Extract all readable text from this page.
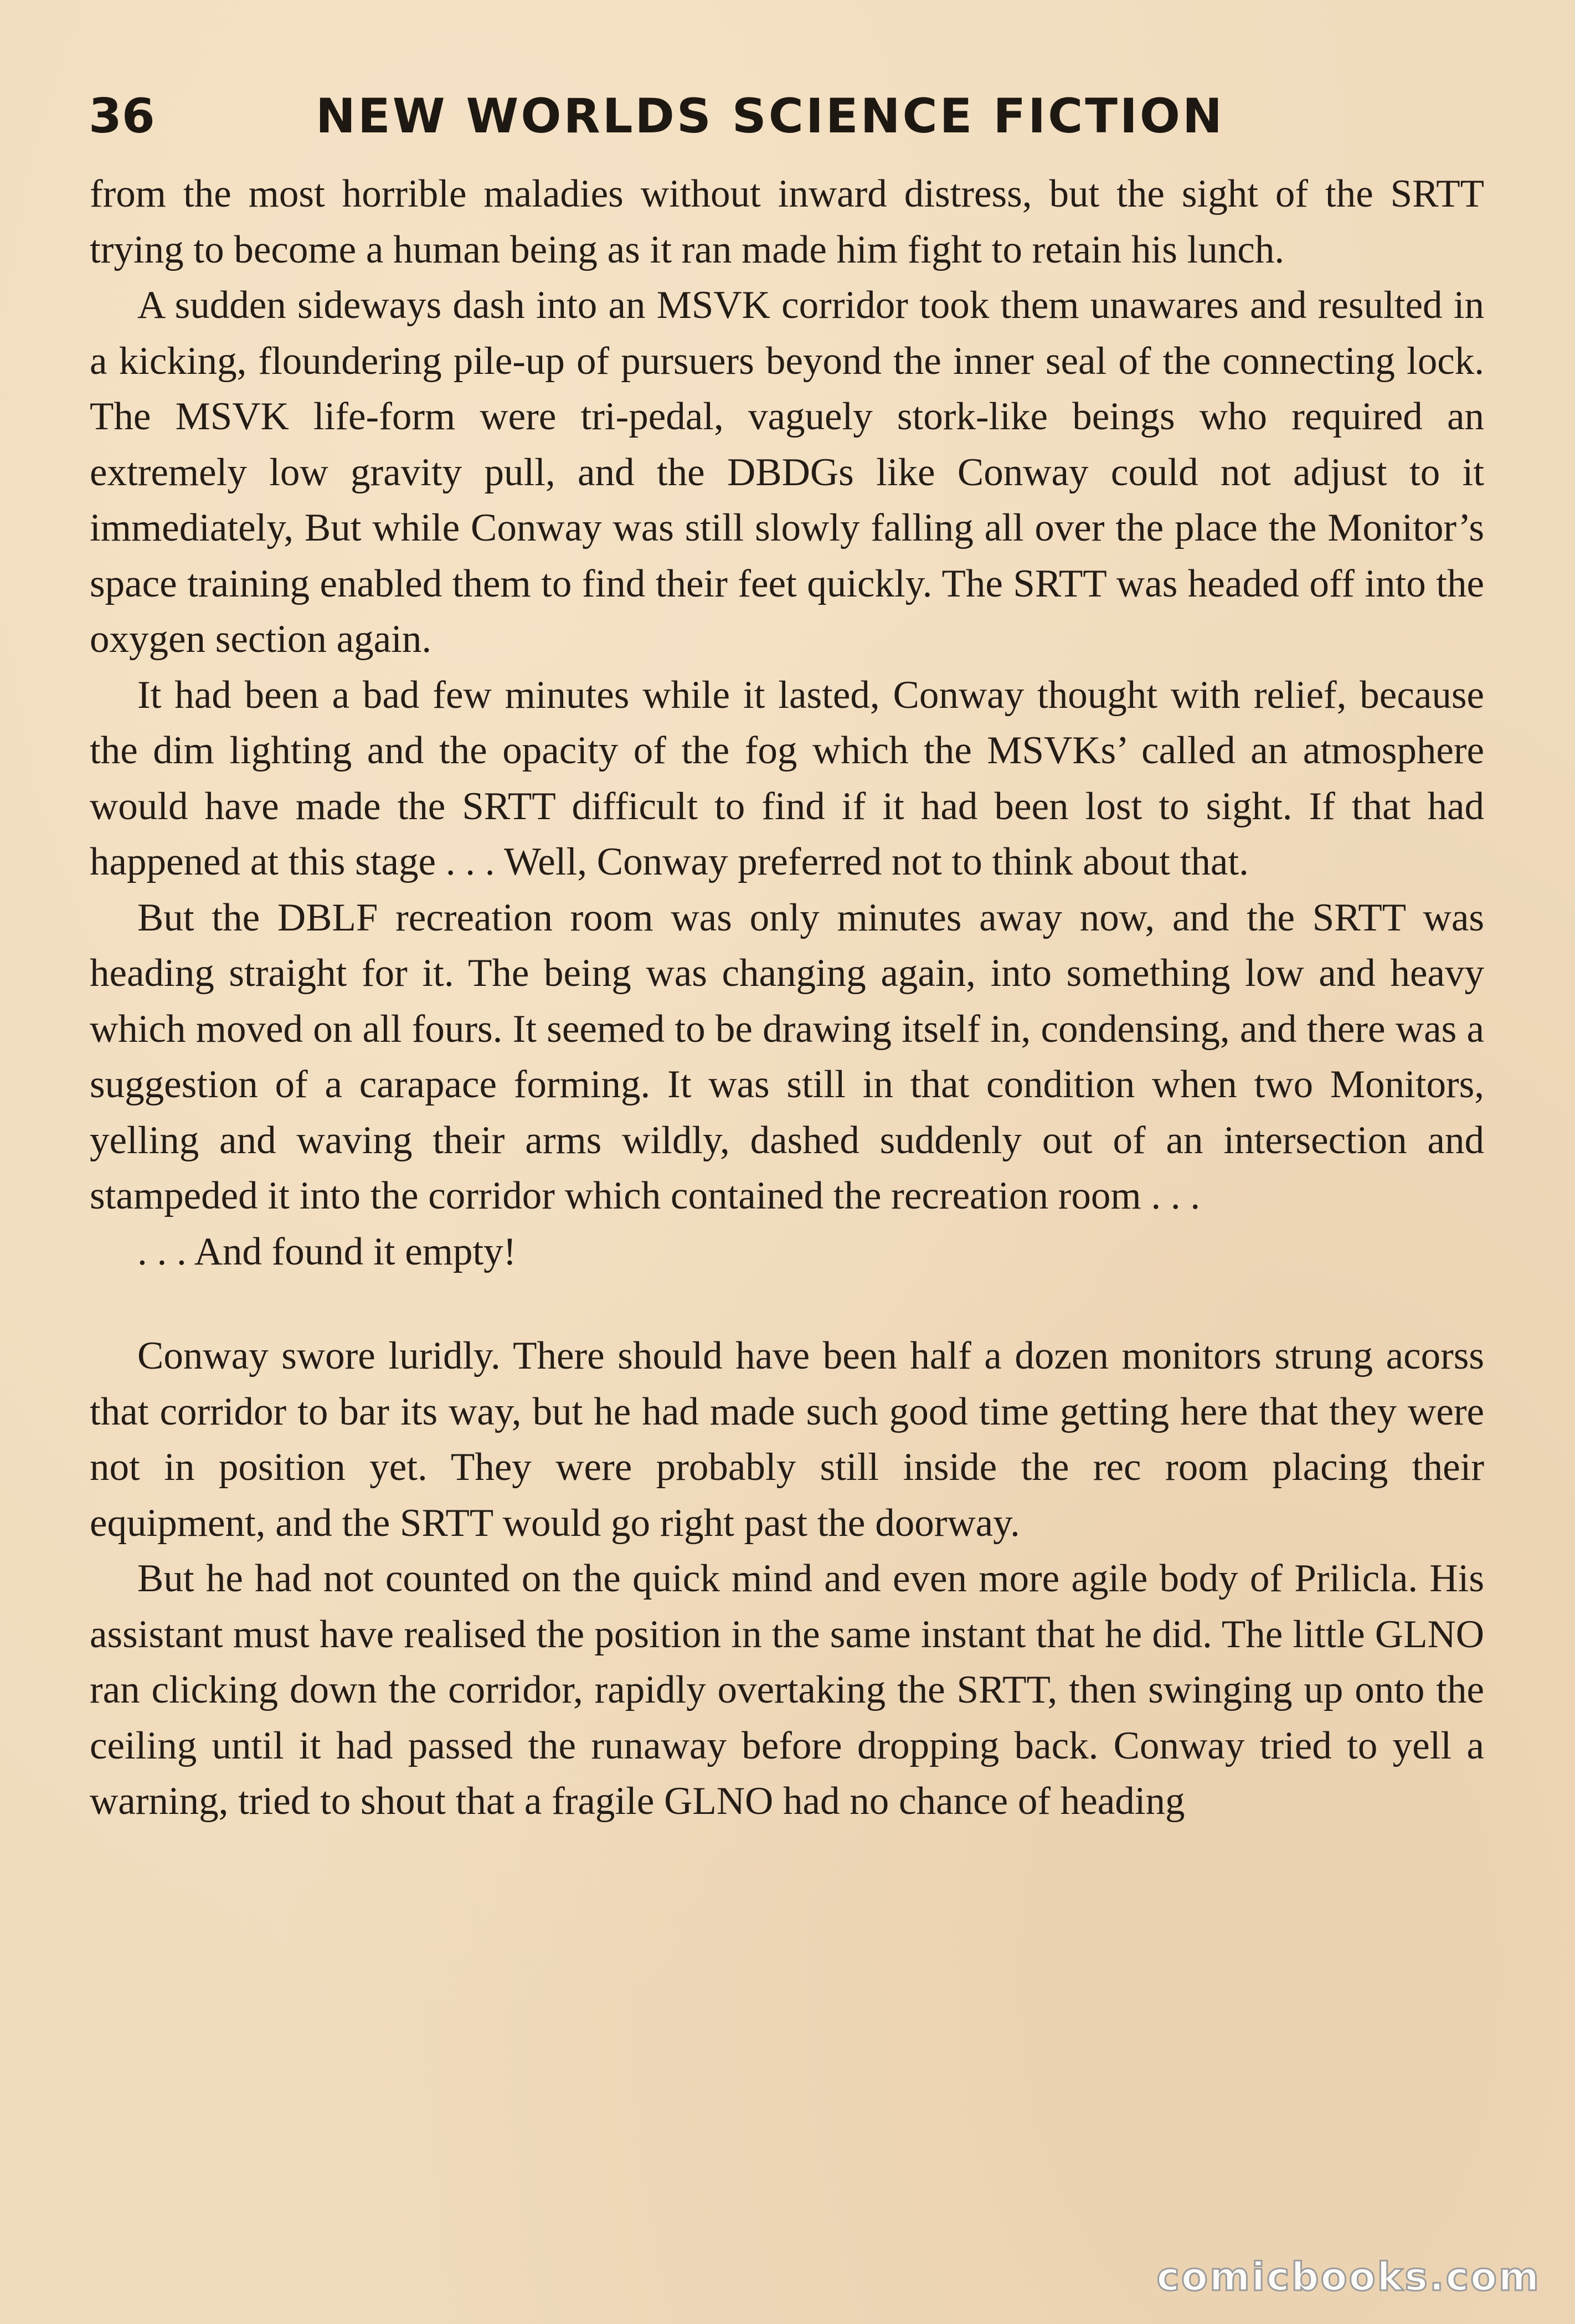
36	NEW WORLDS SCIENCE FICTION

from the most horrible maladies without inward distress, but the sight of the SRTT trying to become a human being as it ran made him fight to retain his lunch.

A sudden sideways dash into an MSVK corridor took them unawares and resulted in a kicking, floundering pile-up of pursuers beyond the inner seal of the connecting lock. The MSVK life-form were tri-pedal, vaguely stork-like beings who required an extremely low gravity pull, and the DBDGs like Conway could not adjust to it immediately, But while Conway was still slowly falling all over the place the Monitor’s space training enabled them to find their feet quickly. The SRTT was headed off into the oxygen section again.

It had been a bad few minutes while it lasted, Conway thought with relief, because the dim lighting and the opacity of the fog which the MSVKs’ called an atmosphere would have made the SRTT difficult to find if it had been lost to sight. If that had happened at this stage . . . Well, Conway preferred not to think about that.

But the DBLF recreation room was only minutes away now, and the SRTT was heading straight for it. The being was changing again, into something low and heavy which moved on all fours. It seemed to be drawing itself in, condensing, and there was a suggestion of a carapace forming. It was still in that condition when two Monitors, yelling and waving their arms wildly, dashed suddenly out of an intersection and stampeded it into the corridor which contained the recreation room . . .

. . . And found it empty!

Conway swore luridly. There should have been half a dozen monitors strung acorss that corridor to bar its way, but he had made such good time getting here that they were not in position yet. They were probably still inside the rec room placing their equipment, and the SRTT would go right past the doorway.

But he had not counted on the quick mind and even more agile body of Prilicla. His assistant must have realised the position in the same instant that he did. The little GLNO ran clicking down the corridor, rapidly overtaking the SRTT, then swinging up onto the ceiling until it had passed the runaway before dropping back. Conway tried to yell a warning, tried to shout that a fragile GLNO had no chance of heading

comicbooks.com
